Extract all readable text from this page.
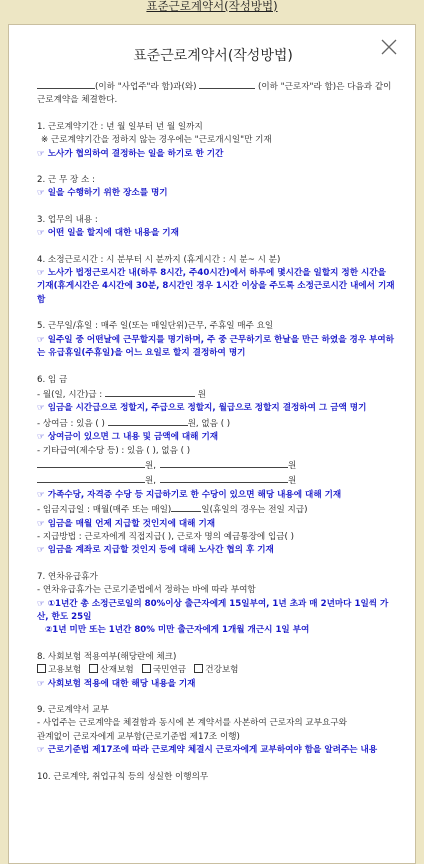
표준근로계약서(작성방법)
표준근로계약서(작성방법)

(이하 "사업주"라 함)과(와)	(이하 "근로자"라 함)은 다음과 같이

근로계약을 체결한다.

1. 근로계약기간 : 년 월 일부터 년 월 일까지

※ 근로계약기간을 정하지 않는 경우에는 "근로개시일"만 기재

☞ 노사가 협의하여 결정하는 일을 하기로 한 기간

2. 근 무 장 소 :

☞ 일을 수행하기 위한 장소를 명기

3. 업무의 내용 :

☞ 어떤 일을 할지에 대한 내용을 기재

4. 소정근로시간 : 시 분부터 시 분까지 (휴게시간 : 시 분~ 시 분)

☞ 노사가 법정근로시간 내(하루 8시간, 주40시간)에서 하루에 몇시간을 일할지 정한 시간을 기재(휴게시간은 4시간에 30분, 8시간인 경우 1시간 이상을 주도록 소정근로시간 내에서 기재함

5. 근무일/휴일 : 매주 일(또는 매일단위)근무, 주휴일 매주 요일

☞ 일주일 중 어떤날에 근무할지를 명기하며, 주 중 근무하기로 한날을 만근 하였을 경우 부여하는 유급휴일(주휴일)을 어느 요일로 할지 결정하여 명기

6. 임 금

- 월(일, 시간)급 :	원

☞ 임금을 시간급으로 정할지, 주급으로 정할지, 월급으로 정할지 결정하여 그 금액 명기

- 상여금 : 있음 ( )	원, 없음 ( )

☞ 상여금이 있으면 그 내용 및 금액에 대해 기재

- 기타급여(제수당 등) : 있음 ( ), 없음 ( )

원,	원

원,	원

☞ 가족수당, 자격증 수당 등 지급하기로 한 수당이 있으면 해당 내용에 대해 기재

- 임금지급일 : 매월(매주 또는 매일)	일(휴일의 경우는 전일 지급)

☞ 임금을 매월 언제 지급할 것인지에 대해 기재

- 지급방법 : 근로자에게 직접지급( ), 근로자 명의 예금통장에 입금( )

☞ 임금을 계좌로 지급할 것인지 등에 대해 노사간 협의 후 기재

7. 연차유급휴가

- 연차유급휴가는 근로기준법에서 정하는 바에 따라 부여함

☞ ①1년간 총 소정근로일의 80%이상 출근자에게 15일부여, 1년 초과 매 2년마다 1일씩 가산, 한도 25일

②1년 미만 또는 1년간 80% 미만 출근자에게 1개월 개근시 1일 부여

8. 사회보험 적용여부(해당란에 체크)

고용보험 산재보험 국민연금 건강보험

☞ 사회보험 적용에 대한 해당 내용을 기재

9. 근로계약서 교부

- 사업주는 근로계약을 체결함과 동시에 본 계약서를 사본하여 근로자의 교부요구와

관계없이 근로자에게 교부함(근로기준법 제17조 이행)

☞ 근로기준법 제17조에 따라 근로계약 체결시 근로자에게 교부하여야 함을 알려주는 내용

10. 근로계약, 취업규칙 등의 성실한 이행의무
